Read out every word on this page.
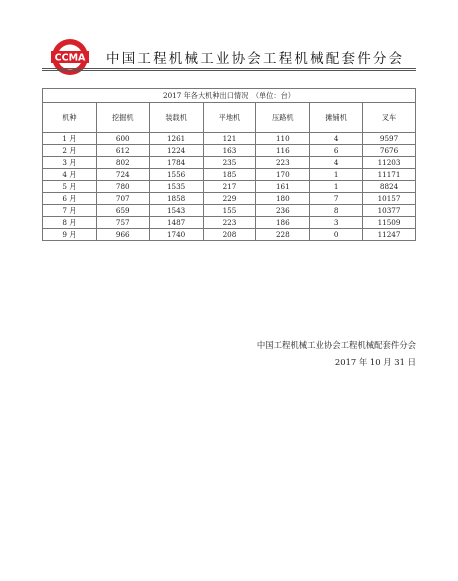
CCMA 中国工程机械工业协会工程机械配套件分会
2017 年各大机种出口情况　（单位：台）						
机种	挖掘机	装载机	平地机	压路机	摊铺机	叉车
1 月	600	1261	121	110	4	9597
2 月	612	1224	163	116	6	7676
3 月	802	1784	235	223	4	11203
4 月	724	1556	185	170	1	11171
5 月	780	1535	217	161	1	8824
6 月	707	1858	229	180	7	10157
7 月	659	1543	155	236	8	10377
8 月	757	1487	223	186	3	11509
9 月	966	1740	208	228	0	11247
中国工程机械工业协会工程机械配套件分会
2017 年 10 月 31 日
